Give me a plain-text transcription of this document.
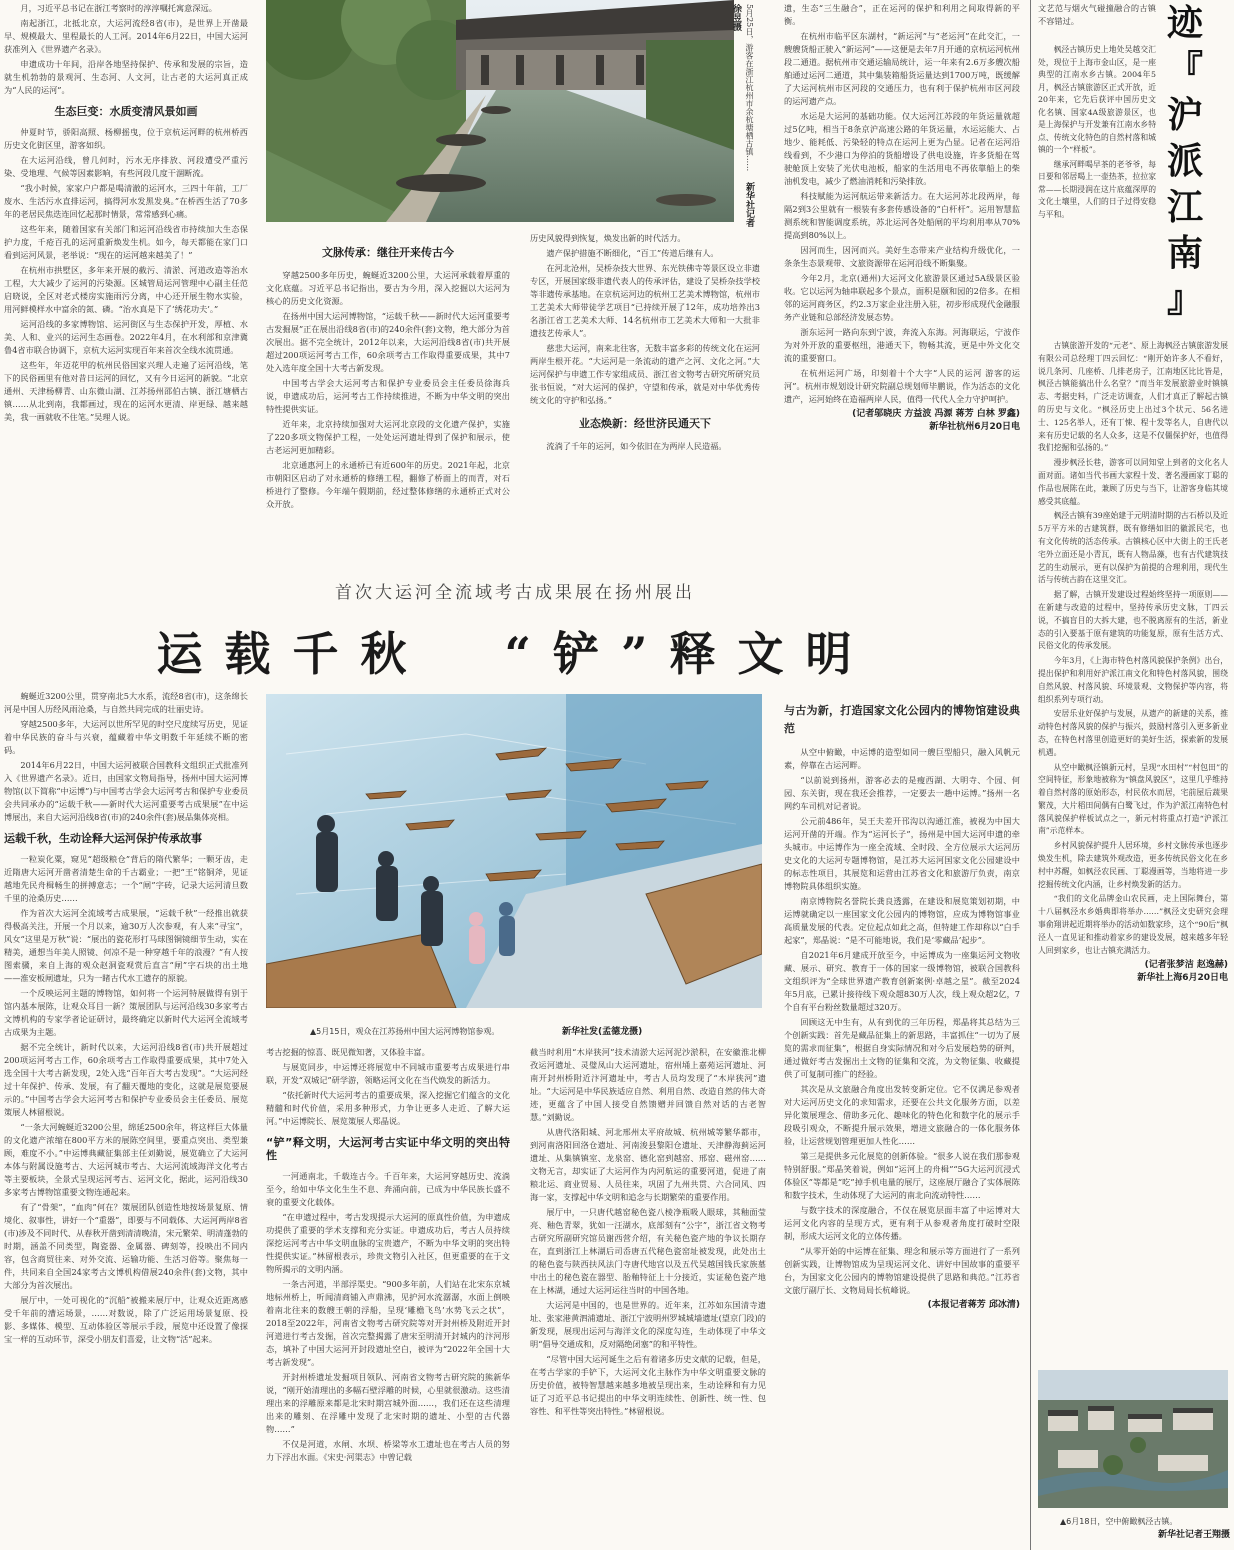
月，习近平总书记在浙江考察时的淳淳嘱托寓意深远。

南起浙江，北抵北京，大运河流经8省(市)，是世界上开凿最早、规模最大、里程最长的人工河。2014年6月22日，中国大运河获准列入《世界遗产名录》。

申遗成功十年间，沿岸各地坚持保护、传承和发展的宗旨，造就生机勃勃的景观河、生态河、人文河，让古老的大运河真正成为“人民的运河”。

生态巨变：水质变清风景如画

仲夏时节，骄阳高照、杨柳摇曳，位于京杭运河畔的杭州桥西历史文化街区里，游客如织。

在大运河沿线，曾几何时，污水无序排放、河段遭受严重污染、受地理、气候等因素影响，有些河段几度干涸断流。

“我小时候，家家户户都是喝清澈的运河水，三四十年前，工厂废水、生活污水直排运河，搞得河水发黑发臭。”在桥西生活了70多年的老居民焦迭连回忆起那时情景，常常感到心痛。

这些年来，随着国家有关部门和运河沿线省市持续加大生态保护力度，千疮百孔的运河重新焕发生机。如今，每天都能在家门口看到运河风景，老举说：“现在的运河越来越美了！”

在杭州市拱墅区，多年来开展的截污、清淤、河道改造等治水工程，大大减少了运河的污染源。区城管局运河管理中心副主任范启晓说，全区对老式楼房实施雨污分离，中心还开展生物水实验，用河鲜模样水中富余的氮、磷。“治水真是下了‘绣花功夫’。”

运河沿线的多家博物馆、运河街区与生态保护开发，厚植、水美、人和、业兴的运河生态画卷。2022年4月，在水利部和京津冀鲁4省市联合协调下，京杭大运河实现百年来首次全线水流贯通。

这些年，年迈花甲的杭州民俗国家兴理人走遍了运河沿线，笔下的民俗画里有他对昔日运河的回忆，又有今日运河的新貌。“北京通州、天津杨柳青、山东微山湖、江苏扬州邵伯古镇、浙江塘栖古镇……从北到南，我都画过，现在的运河水更清、岸更绿、越来越美，我一画就收不住笔。”吴理人说。

5月25日，游客在浙江杭州市余杭塘栖古镇…… 新华社记者徐昱摄
文脉传承：继往开来传古今

穿越2500多年历史，蜿蜒近3200公里，大运河承载着厚重的文化底蕴。习近平总书记指出，要古为今用，深入挖掘以大运河为核心的历史文化资源。

在扬州中国大运河博物馆，“运载千秋——新时代大运河重要考古发掘展”正在展出沿线8省(市)的240余件(套)文物，绝大部分为首次展出。据不完全统计，2012年以来，大运河沿线8省(市)共开展超过200项运河考古工作，60余项考古工作取得重要成果，其中7处入选年度全国十大考古新发现。

中国考古学会大运河考古和保护专业委员会主任委员徐海兵说，申遗成功后，运河考古工作持续推进，不断为中华文明的突出特性提供实证。

近年来，北京持续加强对大运河北京段的文化遗产保护，实施了220多项文物保护工程，一处处运河遗址得到了保护和展示，使古老运河更加精彩。

北京通惠河上的永通桥已有近600年的历史。2021年起，北京市朝阳区启动了对永通桥的修缮工程，翻修了桥面上的而青，对石桥进行了整修。今年端午假期前，经过整体修缮的永通桥正式对公众开放。

历史风貌得到恢复，焕发出新的时代活力。

遗产保护措施不断细化，“百工”传道后继有人。

在河北沧州，吴桥杂技大世界、东光铁佛寺等景区设立非遗专区，开展国家级非遗代表人的传承评估，建设了吴桥杂技学校等非遗传承基地。在京杭运河边的杭州工艺美术博物馆，杭州市工艺美术大师带徒学艺项目“已持续开展了12年，成功培养出3名浙江省工艺美术大师、14名杭州市工艺美术大师和一大批非遗技艺传承人”。

慈悲大运河，南来北往客，无数丰富多彩的传统文化在运河两岸生根开花。“大运河是一条流动的遗产之河、文化之河。”大运河保护与申遗工作专家组成员、浙江省文物考古研究所研究员张书恒说，“对大运河的保护，守望和传承，就是对中华优秀传统文化的守护和弘扬。”

业态焕新：经世济民通天下

流淌了千年的运河，如今依旧在为两岸人民造福。

遗，生态“三生融合”，正在运河的保护和利用之间取得新的平衡。

在杭州市临平区东湖村，“新运河”与“老运河”在此交汇，一艘艘货船正驶入“新运河”——这便是去年7月开通的京杭运河杭州段二通道。据杭州市交通运输局统计，运一年来有2.6万多艘次船舶通过运河二通道，其中集装箱船货运量达到1700万吨，既缓解了大运河杭州市区河段的交通压力，也有利于保护杭州市区河段的运河遗产点。

水运是大运河的基础功能。仅大运河江苏段的年货运量就超过5亿吨，相当于8条京沪高速公路的年货运量，水运运能大、占地少、能耗低、污染轻的特点在运河上更为凸显。记者在运河沿线看到，不少港口为停泊的货船增设了供电设施，许多货船在驾驶舱顶上安装了光伏电池板，船家的生活用电不再依靠船上的柴油机发电，减少了燃油消耗和污染排放。

科技赋能为运河航运带来新活力。在大运河苏北段两岸，每隔2到3公里就有一根装有多套传感设备的“白杆杆”。运用智慧监测系统和智能调度系统，苏北运河各处船闸的平均利用率从70%提高到80%以上。

因河而生，因河而兴。美好生态带来产业结构升级优化，一条条生态景观带、文旅资源带在运河沿线不断集聚。

今年2月，北京(通州)大运河文化旅游景区通过5A级景区验收。它以运河为轴串联起多个景点，面积是颐和园的2倍多。在相邻的运河商务区，约2.3万家企业注册入驻，初步形成现代金融服务产业链和总部经济发展态势。

浙东运河一路向东到宁波，奔流入东海。河海联运，宁波作为对外开放的重要枢纽，港通天下，物畅其流，更是中外文化交流的重要窗口。

在杭州运河广场，印刻着十个大字“人民的运河 游客的运河”。杭州市规划设计研究院副总规划师毕鹏说，作为活态的文化遗产，运河始终在造福两岸人民，值得一代代人全力守护呵护。

(记者邬晓庆 方益波 冯源 蒋芳 白林 罗鑫)
新华社杭州6月20日电

文艺范与烟火气碰撞融合的古镇不容错过。	迹
『
沪
派
江
南
』

枫泾古镇历史上地处吴越交汇处，现位于上海市金山区，是一座典型的江南水乡古镇。2004年5月，枫泾古镇旅游区正式开放，近20年来，它先后获评中国历史文化名镇、国家4A级旅游景区，也是上海保护与开发兼有江南水乡特点、传统文化特色的自然村落和城镇的一个“样板”。

继承河畔喝早茶的老爷爷，每日要和邻居喝上一壶热茶，拉拉家常——长期浸润在这片底蕴深厚的文化土壤里，人们的日子过得安稳与平和。

古镇旅游开发的“元老”、原上海枫泾古镇旅游发展有限公司总经理丁四云回忆：“刚开始许多人不看好，说几条河、几座桥、几排老房子，江南地区比比皆是，枫泾古镇能搞出什么名堂？”而当年发展旅游业时镇镇志、考据史料，广泛走访调查，人们才真正了解起古镇的历史与文化。“枫泾历史上出过3个状元、56名进士、125名举人，还有丁悚、程十发等名人，自唐代以来有历史记载的名人众多，这是不仅僵保护好，也值得我们挖掘和弘扬的。”

漫步枫泾长巷，游客可以同知堂上到者的文化名人面对面。诸如当代书画大家程十发、著名漫画家丁聪的作品也展陈在此，兼顾了历史与当下，让游客身临其境感受其底蕴。

枫泾古镇有39座始建于元明清时期的古石桥以及近5万平方米的古建筑群，既有修缮如旧的徽派民宅，也有文化传统的活态传承。古镇核心区中大街上的王氏老宅外立面还是小青瓦，既有人物品藻，也有古代建筑技艺的生动展示，更有以保护为前提的合理利用，现代生活与传统古韵在这里交汇。

据了解，古镇开发建设过程始终坚持一项原则——在新建与改造的过程中，坚持传承历史文脉，丁四云说，不搞盲目的大拆大建，也不脱离原有的生活，新业态的引入要基于原有建筑的功能复原，原有生活方式、民俗文化的传承发展。

今年3月，《上海市特色村落风貌保护条例》出台，提出保护和利用好沪派江南文化和特色村落风貌，围绕自然风貌、村落风貌、环境景观、文物保护等内容，将组织系列专项行动。

安居乐业好保护与发展，从遗产的新建的关系，推动特色村落风貌的保护与振兴，鼓励村落引入更多新业态，在特色村落里创造更好的美好生活，探索新的发展机遇。

从空中瞰枫泾镇新元村，呈现“水田村”“村包田”的空间特征，形象地被称为“镇盘风貌区”，这里几乎维持着自然村落的原始形态，村民依水而居，宅前屋后蔬果繁茂，大片稻田间偶有白鹭飞过，作为沪派江南特色村落风貌保护样板试点之一，新元村将重点打造“沪派江南”示范样本。

乡村风貌保护提升人居环境，乡村文脉传承也逐步焕发生机，除去建筑外观改造，更多传统民俗文化在乡村中苏醒，如枫泾农民画、丁聪漫画等，当地将进一步挖掘传统文化内涵，让乡村焕发新的活力。

“我们的文化品牌金山农民画，走上国际舞台，第十八届枫泾水乡婚典即将举办……”枫泾文史研究会理事俞翔讲起近期将举办的活动如数家珍，这个“90后”枫泾人一直见证和推动着家乡的建设发展，越来越多年轻人回到家乡，也让古镇充满活力。

(记者张梦洁 赵逸赫)
新华社上海6月20日电
▲6月18日，空中俯瞰枫泾古镇。
新华社记者王翔摄
首次大运河全流域考古成果展在扬州展出
运载千秋  “铲”释文明

蜿蜒近3200公里，贯穿南北5大水系，流经8省(市)，这条绵长河是中国人历经风雨沧桑，与自然共同完成的壮丽史诗。

穿越2500多年，大运河以世所罕见的时空尺度续写历史，见证着中华民族的奋斗与兴衰，蕴藏着中华文明数千年延续不断的密码。

2014年6月22日，中国大运河被联合国教科文组织正式批准列入《世界遗产名录》。近日，由国家文物局指导，扬州中国大运河博物馆(以下简称“中运博”)与中国考古学会大运河考古和保护专业委员会共同承办的“运载千秋——新时代大运河重要考古成果展”在中运博展出，来自大运河沿线8省(市)的240余件(套)展品集体亮相。

运载千秋，生动诠释大运河保护传承故事

一粒炭化粟，窥见“超级粮仓”背后的隋代繁华；一颗牙齿，走近隋唐大运河开凿者清楚生命的千古霸业；一把“王”铭铜斧，见证越地先民舟楫畅生的拼搏意志；一个“闸”字砖，记录大运河清旦数千里的沧桑历史……

作为首次大运河全流域考古成果展，“运载千秋”一经推出就获得极高关注，开展一个月以来，逾30万人次参观，有人来“寻宝”，风女“这里是万秋”说：“展出的瓷花形打马球图铜镜细节生动，实在精美，通想当年美人照镜、何凉不是一种穿越千年的浪漫？”有人按图索骥，来自上海的观众赵洞瓷观赏后直言“闸”字石块的出土地——淮安板闸遗址，只为一睹古代水工遗存的原貌。

一个反映运河主题的博物馆，如何将一个运河特展做得有别于馆内基本展陈，让观众耳目一新？策展团队与运河沿线30多家考古文博机构的专家学者论证研讨，最终确定以新时代大运河全流域考古成果为主题。

据不完全统计，新时代以来，大运河沿线8省(市)共开展超过200项运河考古工作，60余项考古工作取得重要成果，其中7处入选全国十大考古新发现，2处入选“百年百大考古发现”。“大运河经过十年保护、传承、发展，有了翻天覆地的变化，这就是展览要展示的。”中国考古学会大运河考古和保护专业委员会主任委员、展览策展人林留根说。

“一条大河蜿蜒近3200公里，绵延2500余年，将这样巨大体量的文化遗产浓缩在800平方米的展陈空间里，要重点突出、类型兼顾，难度不小。”中运博典藏征集部主任刘勤说，展览确立了大运河本体与附属设施考古、大运河城市考古、大运河流域海洋文化考古等主要板块，全景式呈现运河考古、运河文化，据此，运河沿线30多家考古博物馆重要文物连通起来。

有了“骨架”，“血肉”何在？策展团队创造性地按场景复原、情境化、叙事性，讲好一个“重器”，即要与不同载体、大运河两岸8省(市)涉及不同时代、从春秋开凿到清清晚清，宋元繁荣、明清蓬勃的时期，涵盖不同类型，陶瓷器、金属器、碑刻等，投映出不同内容，包含商贸往来、对外交流、运输功能、生活习俗等。聚焦每一件，共同来自全国24家考古文博机构借展240余件(套)文物，其中大部分为首次展出。

展厅中，一处可视化的“沉船”被搬来展厅中，让观众近距离感受千年前的漕运场景，……对数说，除了广泛运用场景复原、投影、多媒体、模型、互动体验区等展示手段，展览中还设置了像探宝一样的互动环节，深受小朋友们喜爱，让文物“活”起来。

▲5月15日，观众在江苏扬州中国大运河博物馆参观。	新华社发(孟德龙摄)

考古挖掘的惊喜、既见微知著，又体验丰富。

与展览同步，中运博还将展览中不同城市重要考古成果进行串联，开发“双城记”研学游，领略运河文化在当代焕发的新活力。

“依托新时代大运河考古的重要成果，深入挖掘它们蕴含的文化精髓和时代价值，采用多种形式，力争让更多人走近、了解大运河。”中运博院长、展览策展人郑晶说。

“铲”释文明，大运河考古实证中华文明的突出特性

一河通南北，千载连古今。千百年来，大运河穿越历史、流淌至今，给如中华文化生生不息、奔涌向前，已成为中华民族长盛不衰的重要文化载体。

“在申遗过程中，考古发现提示大运河的原真性价值，为申遗成功提供了重要的学术支撑和充分实证。申遗成功后，考古人员持续深挖运河考古中华文明血脉的宝贵遗产，不断为中华文明的突出特性提供实证。”林留根表示，珍贵文物引入社区，但更重要的在于文物所揭示的文明内涵。

一条古河道，半部浮渠史。“900多年前，人们站在北宋东京城地标州桥上，听闻清商铺入声鼎沸，见护河水流潺潺，水面上倒映着南北往来的数艘王朝的浮船，呈现‘雕檐飞鸟’水势飞云之状”，2018至2022年，河南省文物考古研究院等对开封州桥及附近开封河道进行考古发掘，首次完整揭露了唐宋至明清开封城内的汴河形态，填补了中国大运河开封段遗址空白，被评为“2022年全国十大考古新发现”。

开封州桥遗址发掘项目领队、河南省文物考古研究院的熊新华说，“刚开始清理出的多幅石壁浮雕的时候，心里就很激动。这些清理出来的浮雕原来都是北宋时期宫城外面……，我们还在这些清理出来的雕刻、在浮雕中发现了北宋时期的遗址、小型的古代器物……”

不仅是河道，水闸、水坝、桥梁等水工遗址也在考古人员的努力下浮出水面。《宋史·河渠志》中曾记载

截当时利用“木岸狭河”技术清淤大运河泥沙淤积，在安徽淮北柳孜运河遗址、灵璧凤山大运河遗址，宿州埇上嘉苑运河遗址、河南开封州桥附近汴河遗址中，考古人员均发现了“木岸狭河”遗址。“大运河是中华民族适应自然、利用自然、改造自然的伟大奇迹，更蕴含了中国人接受自然馈赠并回馈自然对话的古老智慧。”刘勤说。

从唐代洛阳城、河北邢州太平府故城、杭州城等繁华都市，到河南洛阳回洛仓遗址、河南浚县黎阳仓遗址、天津静海蓟运河遗址、从集镇镇室、龙泉窑、德化窑到越窑、邢窑、磁州窑……文物无言，却实证了大运河作为内河航运的重要河道，促进了南粮北运、商业贸易、人员往来，巩固了九州共贯、六合同风、四海一家，支撑起中华文明和追念与长期繁荣的重要作用。

展厅中，一只唐代越窑秘色瓷八棱净瓶吸人眼球，其釉面莹亮、釉色青翠，犹如一汪湖水，底部刻有“公字”，浙江省文物考古研究所副研究馆员谢西营介绍，有关秘色瓷产地的争议长期存在，直到浙江上林湖后司岙唐五代秘色瓷窑址被发现，此处出土的秘色瓷与陕西扶风法门寺唐代地宫以及五代吴越国钱氏家族墓中出土的秘色瓷在器型、胎釉特征上十分接近，实证秘色瓷产地在上林湖，通过大运河运往当时的中国各地。

大运河是中国的，也是世界的。近年来，江苏如东国清寺遗址、张家港黄泗浦遗址、浙江宁波明州罗城城墙遗址(望京门段)的新发现，展现出运河与海洋文化的深度勾连，生动体现了中华文明“倡导交通成和，反对隔绝闭塞”的和平特性。

“尽管中国大运河诞生之后有着诸多历史文献的记载，但是，在考古学家的手铲下，大运河文化主脉作为中华文明重要文脉的历史价值，被特智慧越来越多地被呈现出来，生动诠释和有力见证了习近平总书记提出的中华文明连续性、创新性、统一性、包容性、和平性等突出特性。”林留根说。

与古为新，打造国家文化公园内的博物馆建设典范

从空中俯瞰，中运博的造型如同一艘巨型船只，融入风帆元素，停靠在古运河畔。

“以前说到扬州，游客必去的是瘦西湖、大明寺、个园、何园、东关街，现在我还会推荐，一定要去一趟中运博。”扬州一名网约车司机对记者说。

公元前486年，吴王夫差开邗沟以沟通江淮，被视为中国大运河开凿的开端。作为“运河长子”，扬州是中国大运河申遗的牵头城市。中运博作为一座全流域、全时段、全方位展示大运河历史文化的大运河专题博物馆，是江苏大运河国家文化公园建设中的标志性项目，其展览和运营由江苏省文化和旅游厅负责，南京博物院具体组织实施。

南京博物院名誉院长龚良透露，在建设和展览策划初期，中运博就确定以一座国家文化公园内的博物馆，应成为博物馆事业高质量发展的代表。定位起点如此之高，但特建工作却称以“白手起家”，郑晶说：“是不可能地说，我们是‘零藏品’起步”。

自2021年6月建成开放至今，中运博成为一座集运河文物收藏、展示、研究、教育于一体的国家一级博物馆，被联合国教科文组织评为“全球世界遗产教育创新案例·卓越之星”。截至2024年5月底，已累计接待线下观众超830万人次，线上观众超2亿，7个自有平台粉丝数量超过320万。

回顾这无中生有，从有到优的三年历程，郑晶将其总结为三个创新实践：首先是藏品征集上的新思路，丰富抓住“一切为了展览的需求而征集”，根据自身实际情况和对今后发展趋势的研判，通过做好考古发掘出土文物的征集和交流，为文物征集、收藏提供了可复制可推广的经验。

其次是从文旅融合角度出发转变新定位。它不仅满足参观者对大运河历史文化的求知需求，还要在公共文化服务方面，以差异化策展理念、借助多元化、趣味化的特色化和数字化的展示手段吸引观众，不断提升展示效果，增进文旅融合的一体化服务体验，让运营规划管理更加人性化……

第三是提供多元化展览的创新体验。“很多人说在我们那参观特别舒服。”郑晶笑着说，例如“运河上的舟楫”“5G大运河沉浸式体验区”等都是“吃”掉手机电量的展厅，这座展厅融合了实体展陈和数字技术，生动体现了大运河的南北向流动特性……

与数字技术的深度融合，不仅在展览层面丰富了中运博对大运河文化内容的呈现方式，更有利于从参观者角度打破时空限制，形成大运河文化的立体传播。

“从零开始的中运博在征集、理念和展示等方面进行了一系列创新实践，让博物馆成为呈现运河文化、讲好中国故事的重要平台，为国家文化公园内的博物馆建设提供了思路和典范。”江苏省文旅厅副厅长、文物局局长杭峰说。

(本报记者蒋芳 邱冰清)
